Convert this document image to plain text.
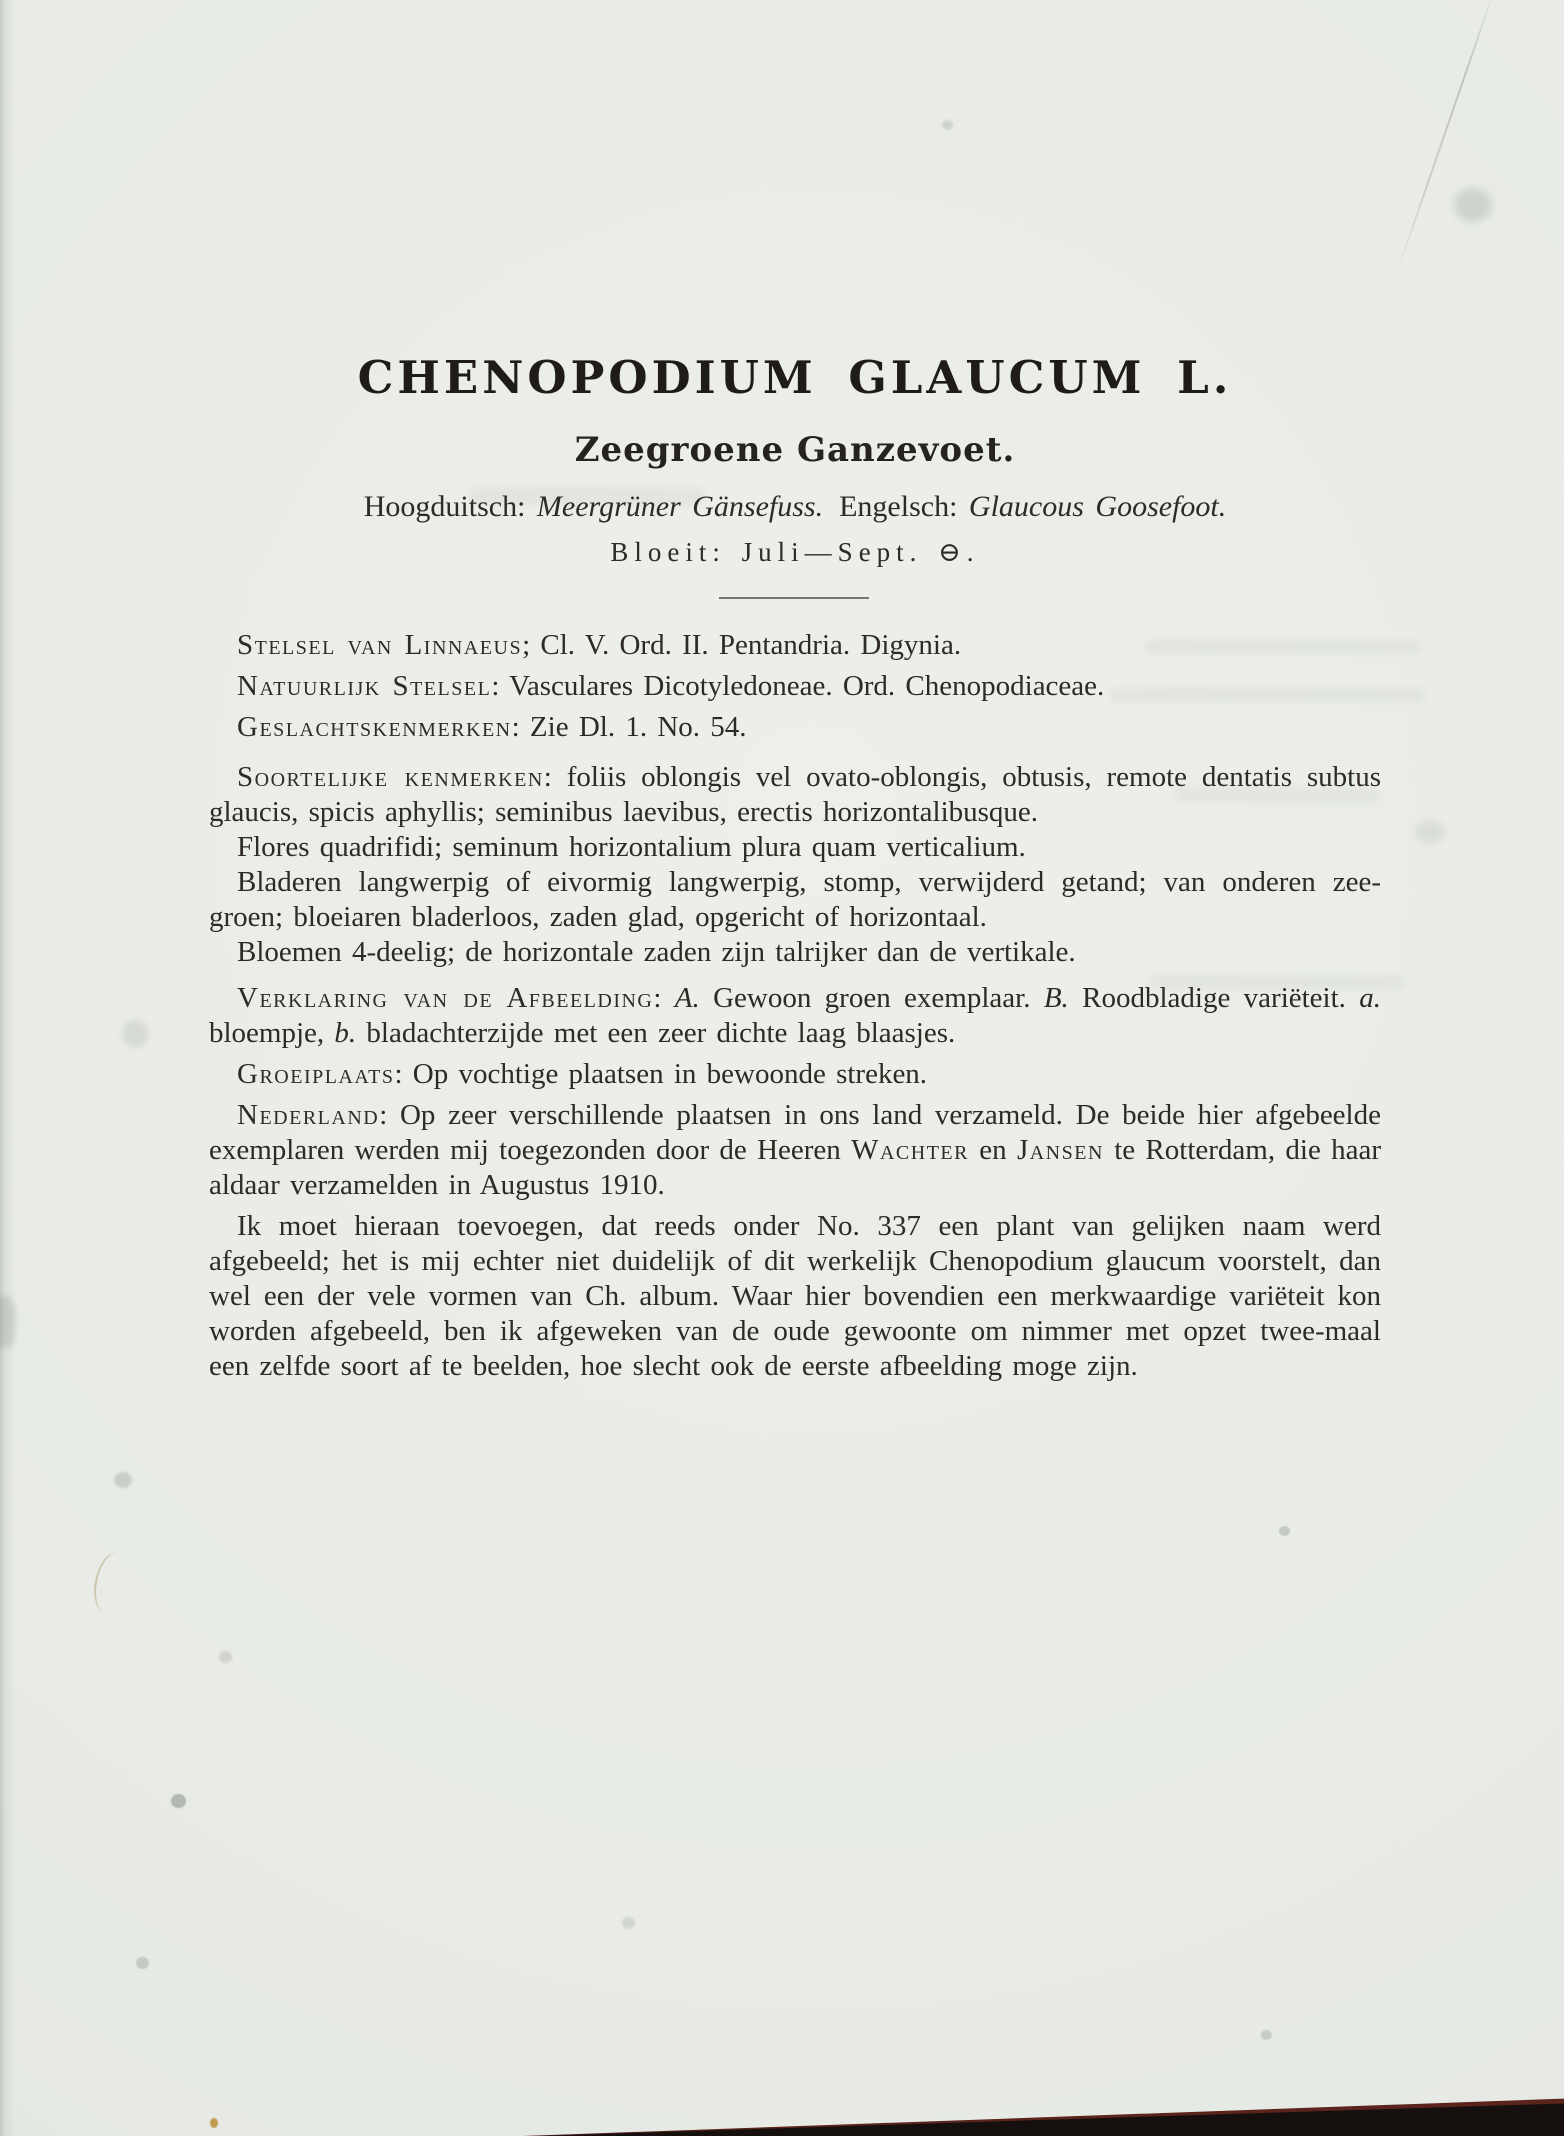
CHENOPODIUM GLAUCUM L.
Zeegroene Ganzevoet.
Hoogduitsch: Meergrüner Gänsefuss. Engelsch: Glaucous Goosefoot.
Bloeit: Juli—Sept. ⊖.

Stelsel van Linnaeus; Cl. V. Ord. II. Pentandria. Digynia.

Natuurlijk Stelsel: Vasculares Dicotyledoneae. Ord. Chenopodiaceae.

Geslachtskenmerken: Zie Dl. 1. No. 54.

Soortelijke kenmerken: foliis oblongis vel ovato-oblongis, obtusis, remote dentatis subtus glaucis, spicis aphyllis; seminibus laevibus, erectis horizontalibusque.

Flores quadrifidi; seminum horizontalium plura quam verticalium.

Bladeren langwerpig of eivormig langwerpig, stomp, verwijderd getand; van onderen zee-groen; bloeiaren bladerloos, zaden glad, opgericht of horizontaal.

Bloemen 4-deelig; de horizontale zaden zijn talrijker dan de vertikale.

Verklaring van de Afbeelding: A. Gewoon groen exemplaar. B. Roodbladige variëteit. a. bloempje, b. bladachterzijde met een zeer dichte laag blaasjes.

Groeiplaats: Op vochtige plaatsen in bewoonde streken.

Nederland: Op zeer verschillende plaatsen in ons land verzameld. De beide hier afgebeelde exemplaren werden mij toegezonden door de Heeren Wachter en Jansen te Rotterdam, die haar aldaar verzamelden in Augustus 1910.

Ik moet hieraan toevoegen, dat reeds onder No. 337 een plant van gelijken naam werd afgebeeld; het is mij echter niet duidelijk of dit werkelijk Chenopodium glaucum voorstelt, dan wel een der vele vormen van Ch. album. Waar hier bovendien een merkwaardige variëteit kon worden afgebeeld, ben ik afgeweken van de oude gewoonte om nimmer met opzet twee-maal een zelfde soort af te beelden, hoe slecht ook de eerste afbeelding moge zijn.
